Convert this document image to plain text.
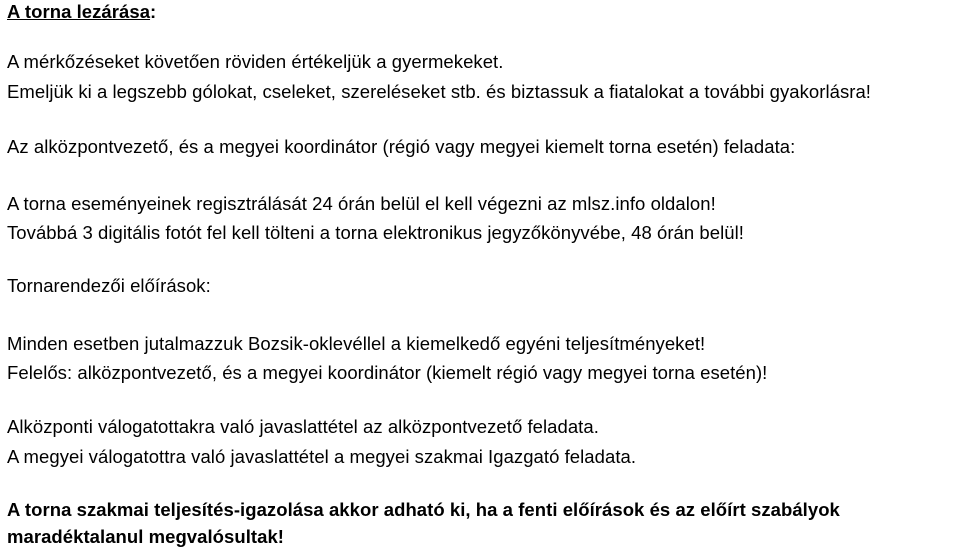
A torna lezárása:
A mérkőzéseket követően röviden értékeljük a gyermekeket.
Emeljük ki a legszebb gólokat, cseleket, szereléseket stb. és biztassuk a fiatalokat a további gyakorlásra!
Az alközpontvezető, és a megyei koordinátor (régió vagy megyei kiemelt torna esetén) feladata:
A torna eseményeinek regisztrálását 24 órán belül el kell végezni az mlsz.info oldalon!
Továbbá 3 digitális fotót fel kell tölteni a torna elektronikus jegyzőkönyvébe, 48 órán belül!
Tornarendezői előírások:
Minden esetben jutalmazzuk Bozsik-oklevéllel a kiemelkedő egyéni teljesítményeket!
Felelős: alközpontvezető, és a megyei koordinátor (kiemelt régió vagy megyei torna esetén)!
Alközponti válogatottakra való javaslattétel az alközpontvezető feladata.
A megyei válogatottra való javaslattétel a megyei szakmai Igazgató feladata.
A torna szakmai teljesítés-igazolása akkor adható ki, ha a fenti előírások és az előírt szabályok
maradéktalanul megvalósultak!
